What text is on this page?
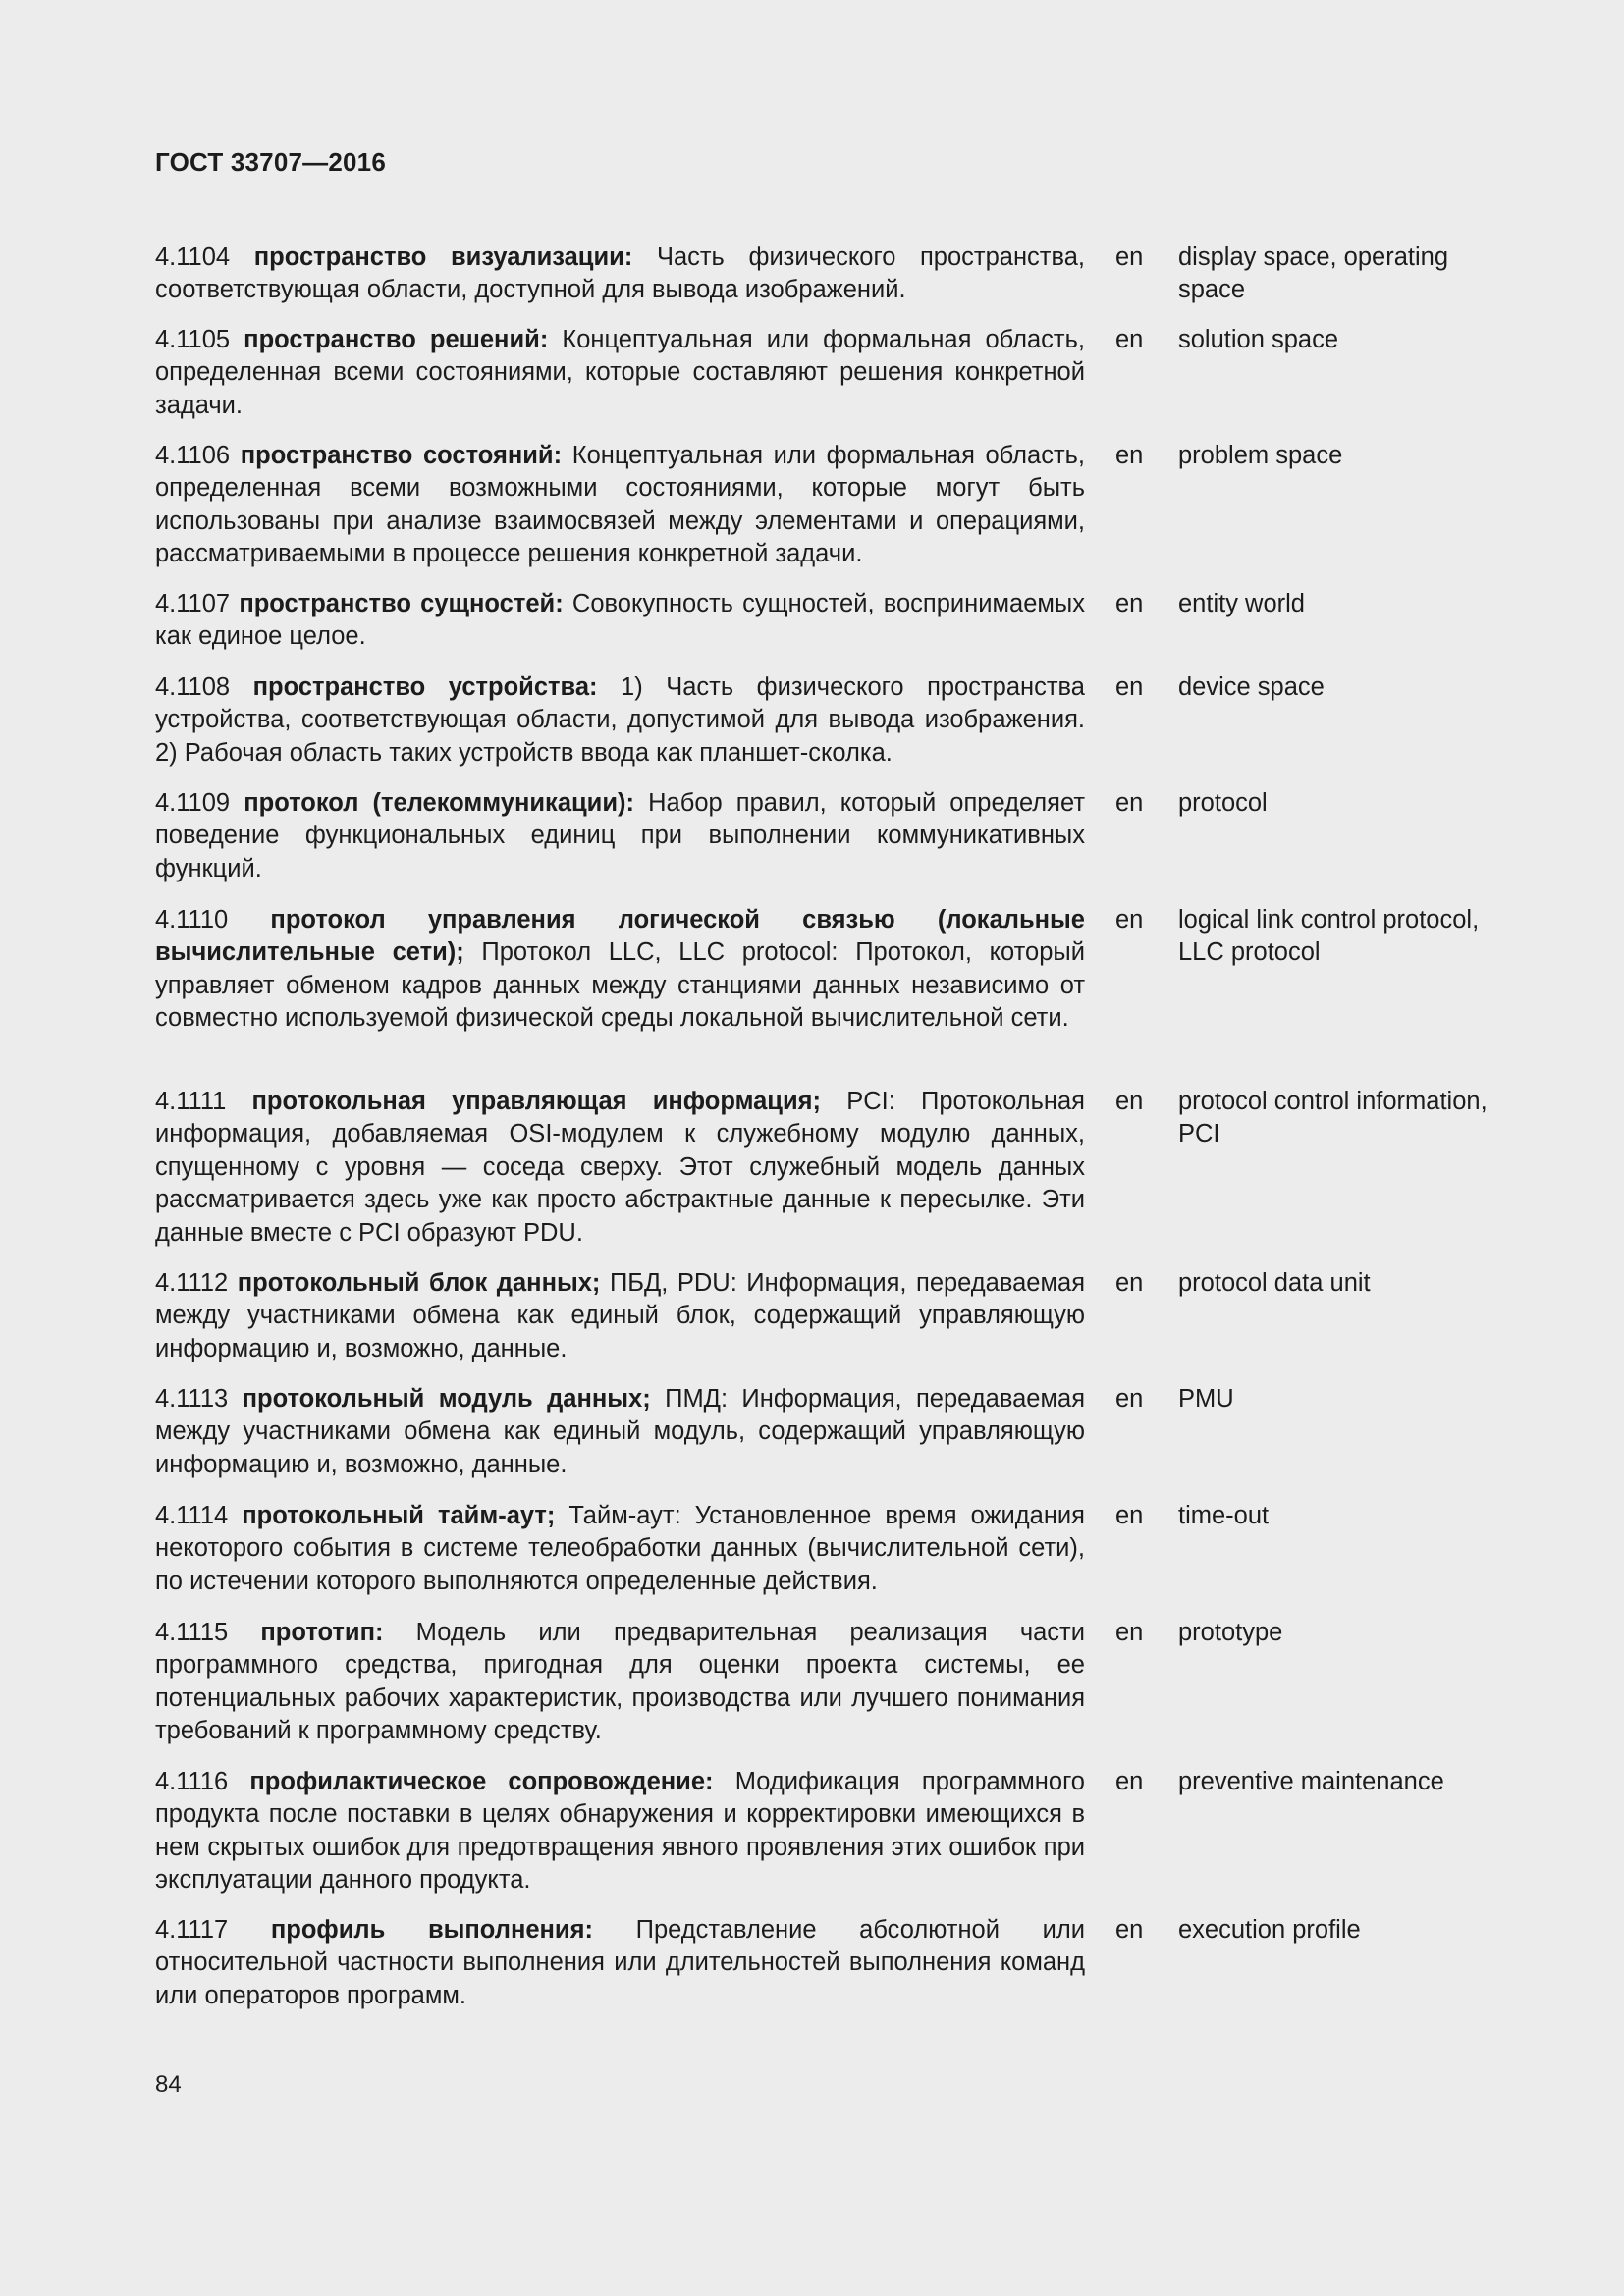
ГОСТ 33707—2016

4.1104 пространство визуализации: Часть физического пространства, соответствующая области, доступной для вывода изображений.

en display space, operating space

4.1105 пространство решений: Концептуальная или формальная область, определенная всеми состояниями, которые составляют решения конкретной задачи.

en solution space

4.1106 пространство состояний: Концептуальная или формальная область, определенная всеми возможными состояниями, которые могут быть использованы при анализе взаимосвязей между элементами и операциями, рассматриваемыми в процессе решения конкретной задачи.

en problem space

4.1107 пространство сущностей: Совокупность сущностей, воспринимаемых как единое целое.

en entity world

4.1108 пространство устройства: 1) Часть физического пространства устройства, соответствующая области, допустимой для вывода изображения. 2) Рабочая область таких устройств ввода как планшет-сколка.

en device space

4.1109 протокол (телекоммуникации): Набор правил, который определяет поведение функциональных единиц при выполнении коммуникативных функций.

en protocol

4.1110 протокол управления логической связью (локальные вычислительные сети); Протокол LLC, LLC protocol: Протокол, который управляет обменом кадров данных между станциями данных независимо от совместно используемой физической среды локальной вычислительной сети.

en logical link control protocol, LLC protocol

4.1111 протокольная управляющая информация; PCI: Протокольная информация, добавляемая OSI-модулем к служебному модулю данных, спущенному с уровня — соседа сверху. Этот служебный модель данных рассматривается здесь уже как просто абстрактные данные к пересылке. Эти данные вместе с PCI образуют PDU.

en protocol control information, PCI

4.1112 протокольный блок данных; ПБД, PDU: Информация, передаваемая между участниками обмена как единый блок, содержащий управляющую информацию и, возможно, данные.

en protocol data unit

4.1113 протокольный модуль данных; ПМД: Информация, передаваемая между участниками обмена как единый модуль, содержащий управляющую информацию и, возможно, данные.

en PMU

4.1114 протокольный тайм-аут; Тайм-аут: Установленное время ожидания некоторого события в системе телеобработки данных (вычислительной сети), по истечении которого выполняются определенные действия.

en time-out

4.1115 прототип: Модель или предварительная реализация части программного средства, пригодная для оценки проекта системы, ее потенциальных рабочих характеристик, производства или лучшего понимания требований к программному средству.

en prototype

4.1116 профилактическое сопровождение: Модификация программного продукта после поставки в целях обнаружения и корректировки имеющихся в нем скрытых ошибок для предотвращения явного проявления этих ошибок при эксплуатации данного продукта.

en preventive maintenance

4.1117 профиль выполнения: Представление абсолютной или относительной частности выполнения или длительностей выполнения команд или операторов программ.

en execution profile
84
